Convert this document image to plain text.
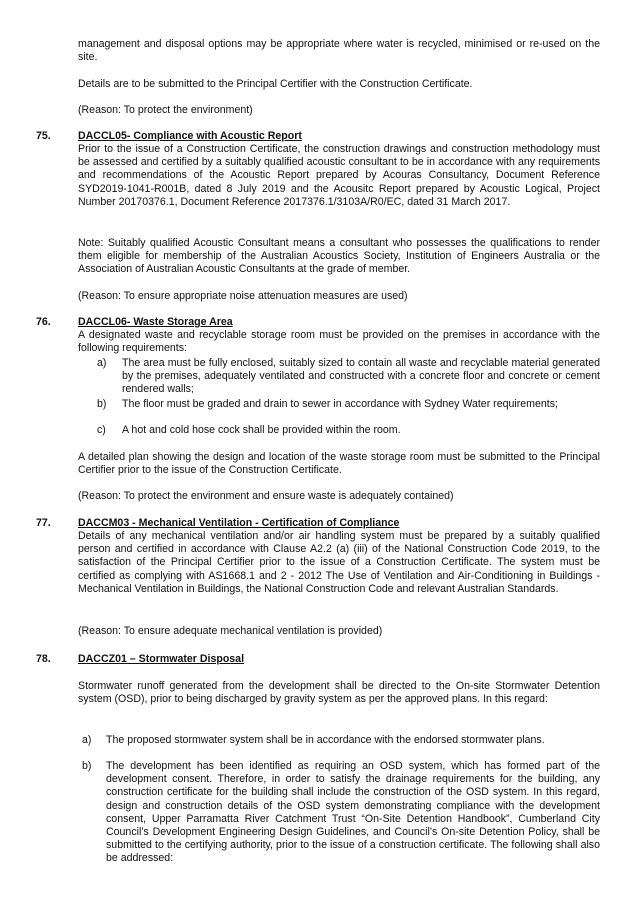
management and disposal options may be appropriate where water is recycled, minimised or re-used on the site.

Details are to be submitted to the Principal Certifier with the Construction Certificate.

(Reason: To protect the environment)

75.	DACCL05- Compliance with Acoustic Report

Prior to the issue of a Construction Certificate, the construction drawings and construction methodology must be assessed and certified by a suitably qualified acoustic consultant to be in accordance with any requirements and recommendations of the Acoustic Report prepared by Acouras Consultancy, Document Reference SYD2019-1041-R001B, dated 8 July 2019 and the Acousitc Report prepared by Acoustic Logical, Project Number 20170376.1, Document Reference 2017376.1/3103A/R0/EC, dated 31 March 2017.

Note: Suitably qualified Acoustic Consultant means a consultant who possesses the qualifications to render them eligible for membership of the Australian Acoustics Society, Institution of Engineers Australia or the Association of Australian Acoustic Consultants at the grade of member.

(Reason: To ensure appropriate noise attenuation measures are used)

76.	DACCL06- Waste Storage Area

A designated waste and recyclable storage room must be provided on the premises in accordance with the following requirements:

a) The area must be fully enclosed, suitably sized to contain all waste and recyclable material generated by the premises, adequately ventilated and constructed with a concrete floor and concrete or cement rendered walls;

b) The floor must be graded and drain to sewer in accordance with Sydney Water requirements;

c) A hot and cold hose cock shall be provided within the room.

A detailed plan showing the design and location of the waste storage room must be submitted to the Principal Certifier prior to the issue of the Construction Certificate.

(Reason: To protect the environment and ensure waste is adequately contained)

77.	DACCM03 - Mechanical Ventilation - Certification of Compliance

Details of any mechanical ventilation and/or air handling system must be prepared by a suitably qualified person and certified in accordance with Clause A2.2 (a) (iii) of the National Construction Code 2019, to the satisfaction of the Principal Certifier prior to the issue of a Construction Certificate. The system must be certified as complying with AS1668.1 and 2 - 2012 The Use of Ventilation and Air-Conditioning in Buildings - Mechanical Ventilation in Buildings, the National Construction Code and relevant Australian Standards.

(Reason: To ensure adequate mechanical ventilation is provided)

78.	DACCZ01 – Stormwater Disposal

Stormwater runoff generated from the development shall be directed to the On-site Stormwater Detention system (OSD), prior to being discharged by gravity system as per the approved plans. In this regard:

a) The proposed stormwater system shall be in accordance with the endorsed stormwater plans.

b) The development has been identified as requiring an OSD system, which has formed part of the development consent. Therefore, in order to satisfy the drainage requirements for the building, any construction certificate for the building shall include the construction of the OSD system. In this regard, design and construction details of the OSD system demonstrating compliance with the development consent, Upper Parramatta River Catchment Trust “On-Site Detention Handbook”, Cumberland City Council’s Development Engineering Design Guidelines, and Council’s On-site Detention Policy, shall be submitted to the certifying authority, prior to the issue of a construction certificate. The following shall also be addressed:
